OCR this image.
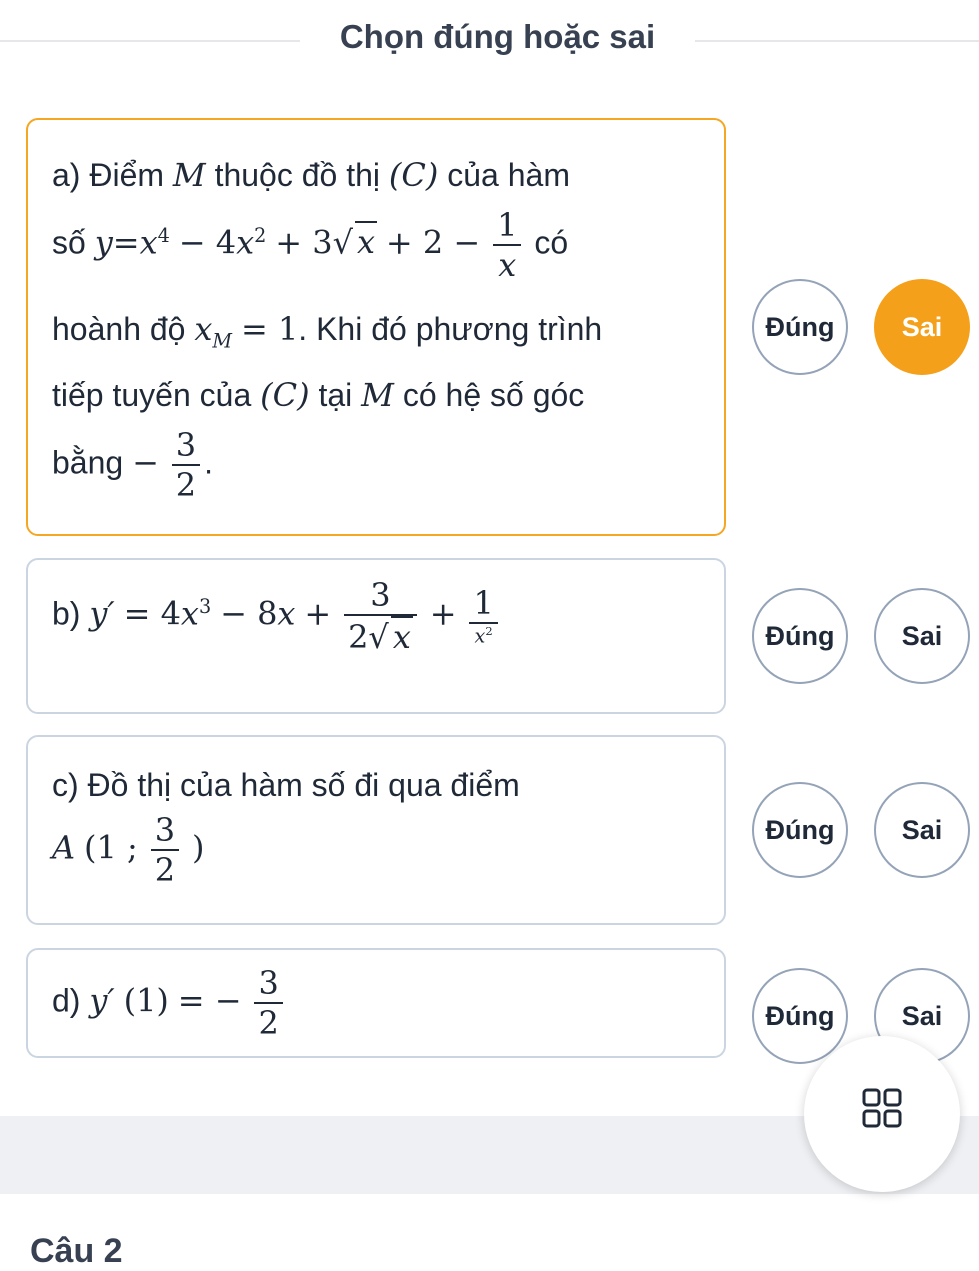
Chọn đúng hoặc sai
a) Điểm M thuộc đồ thị (C) của hàm
số $y=x^4 - 4x^2 + 3√$ $x + 2 - \frac{1}{x}$ có
hoành độ $x_M = 1$. Khi đó phương trình
tiếp tuyến của (C) tại M có hệ số góc
bằng − $\frac{3}{2}$ .
Đúng	Sai
b) $y' = 4x^3 - 8x + \frac{3}{2√ x} + \frac{1}{x^2}$	Đúng	Sai
c) Đồ thị của hàm số đi qua điểm
A (1 ; $\frac{3}{2}$ )	Đúng	Sai
d) y′ (1) = − $\frac{3}{2}$	Đúng	Sai
Câu 2
